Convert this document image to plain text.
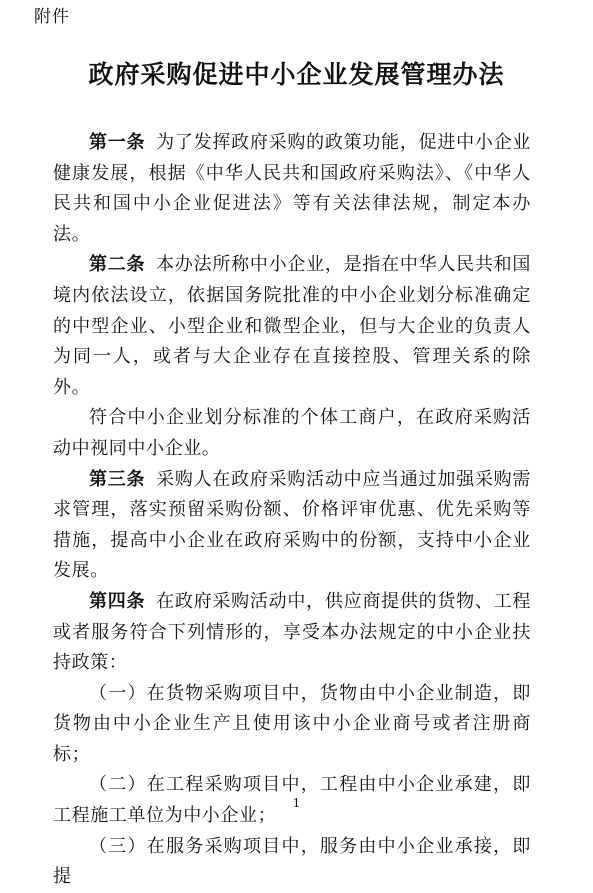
附件
政府采购促进中小企业发展管理办法

第一条 为了发挥政府采购的政策功能，促进中小企业健康发展，根据《中华人民共和国政府采购法》、《中华人民共和国中小企业促进法》等有关法律法规，制定本办法。

第二条 本办法所称中小企业，是指在中华人民共和国境内依法设立，依据国务院批准的中小企业划分标准确定的中型企业、小型企业和微型企业，但与大企业的负责人为同一人，或者与大企业存在直接控股、管理关系的除外。

符合中小企业划分标准的个体工商户，在政府采购活动中视同中小企业。

第三条 采购人在政府采购活动中应当通过加强采购需求管理，落实预留采购份额、价格评审优惠、优先采购等措施，提高中小企业在政府采购中的份额，支持中小企业发展。

第四条 在政府采购活动中，供应商提供的货物、工程或者服务符合下列情形的，享受本办法规定的中小企业扶持政策：

（一）在货物采购项目中，货物由中小企业制造，即货物由中小企业生产且使用该中小企业商号或者注册商标；

（二）在工程采购项目中，工程由中小企业承建，即工程施工单位为中小企业；

（三）在服务采购项目中，服务由中小企业承接，即提

1
